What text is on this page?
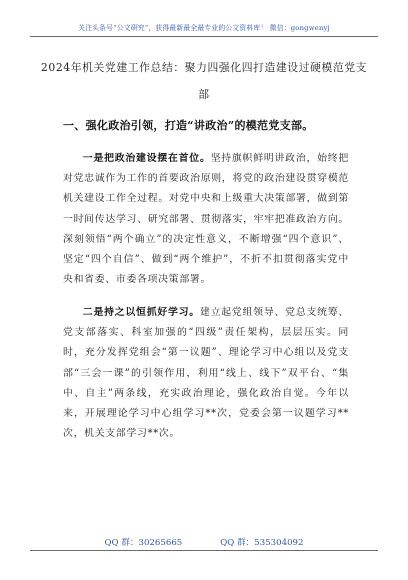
关注头条号“公文研究”，获得最新最全最专业的公文资料库！ 微信：gongwenyj
2024年机关党建工作总结：聚力四强化四打造建设过硬模范党支部
一、强化政治引领，打造“讲政治”的模范党支部。
一是把政治建设摆在首位。坚持旗帜鲜明讲政治，始终把对党忠诚作为工作的首要政治原则，将党的政治建设贯穿模范机关建设工作全过程。对党中央和上级重大决策部署，做到第一时间传达学习、研究部署、贯彻落实，牢牢把准政治方向。深刻领悟“两个确立”的决定性意义，不断增强“四个意识”、坚定“四个自信”、做到“两个维护”，不折不扣贯彻落实党中央和省委、市委各项决策部署。
二是持之以恒抓好学习。建立起党组领导、党总支统筹、党支部落实、科室加强的“四级”责任架构，层层压实。同时，充分发挥党组会“第一议题”、理论学习中心组以及党支部“三会一课”的引领作用，利用“线上、线下”双平台、“集中、自主”两条线，充实政治理论，强化政治自觉。今年以来，开展理论学习中心组学习**次，党委会第一议题学习**次，机关支部学习**次。
QQ 群：30265665	QQ 群：535304092
